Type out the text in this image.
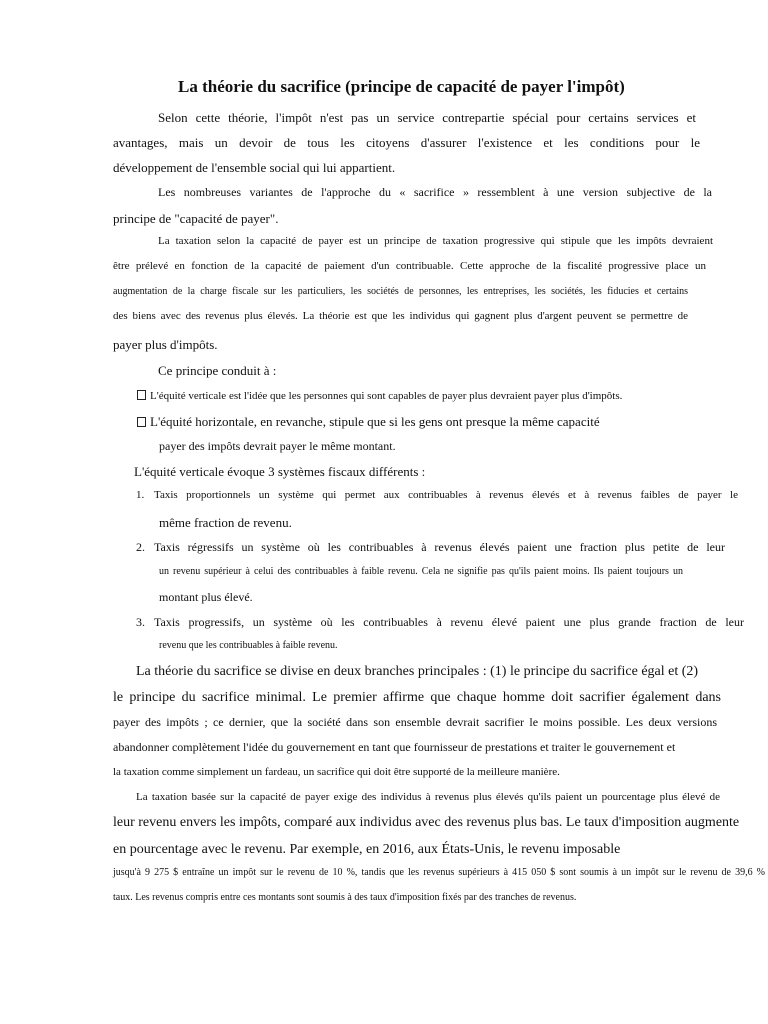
La théorie du sacrifice (principe de capacité de payer l'impôt)
Selon cette théorie, l'impôt n'est pas un service contrepartie spécial pour certains services et
avantages, mais un devoir de tous les citoyens d'assurer l'existence et les conditions pour le
développement de l'ensemble social qui lui appartient.
Les nombreuses variantes de l'approche du « sacrifice » ressemblent à une version subjective de la
principe de "capacité de payer".
La taxation selon la capacité de payer est un principe de taxation progressive qui stipule que les impôts devraient
être prélevé en fonction de la capacité de paiement d'un contribuable. Cette approche de la fiscalité progressive place un
augmentation de la charge fiscale sur les particuliers, les sociétés de personnes, les entreprises, les sociétés, les fiducies et certains
des biens avec des revenus plus élevés. La théorie est que les individus qui gagnent plus d'argent peuvent se permettre de
payer plus d'impôts.
Ce principe conduit à :
L'équité verticale est l'idée que les personnes qui sont capables de payer plus devraient payer plus d'impôts.
L'équité horizontale, en revanche, stipule que si les gens ont presque la même capacité
payer des impôts devrait payer le même montant.
L'équité verticale évoque 3 systèmes fiscaux différents :
1. Taxis proportionnels un système qui permet aux contribuables à revenus élevés et à revenus faibles de payer le
même fraction de revenu.
2. Taxis régressifs un système où les contribuables à revenus élevés paient une fraction plus petite de leur
un revenu supérieur à celui des contribuables à faible revenu. Cela ne signifie pas qu'ils paient moins. Ils paient toujours un
montant plus élevé.
3. Taxis progressifs, un système où les contribuables à revenu élevé paient une plus grande fraction de leur
revenu que les contribuables à faible revenu.
La théorie du sacrifice se divise en deux branches principales : (1) le principe du sacrifice égal et (2)
le principe du sacrifice minimal. Le premier affirme que chaque homme doit sacrifier également dans
payer des impôts ; ce dernier, que la société dans son ensemble devrait sacrifier le moins possible. Les deux versions
abandonner complètement l'idée du gouvernement en tant que fournisseur de prestations et traiter le gouvernement et
la taxation comme simplement un fardeau, un sacrifice qui doit être supporté de la meilleure manière.
La taxation basée sur la capacité de payer exige des individus à revenus plus élevés qu'ils paient un pourcentage plus élevé de
leur revenu envers les impôts, comparé aux individus avec des revenus plus bas. Le taux d'imposition augmente
en pourcentage avec le revenu. Par exemple, en 2016, aux États-Unis, le revenu imposable
jusqu'à 9 275 $ entraîne un impôt sur le revenu de 10 %, tandis que les revenus supérieurs à 415 050 $ sont soumis à un impôt sur le revenu de 39,6 %
taux. Les revenus compris entre ces montants sont soumis à des taux d'imposition fixés par des tranches de revenus.
